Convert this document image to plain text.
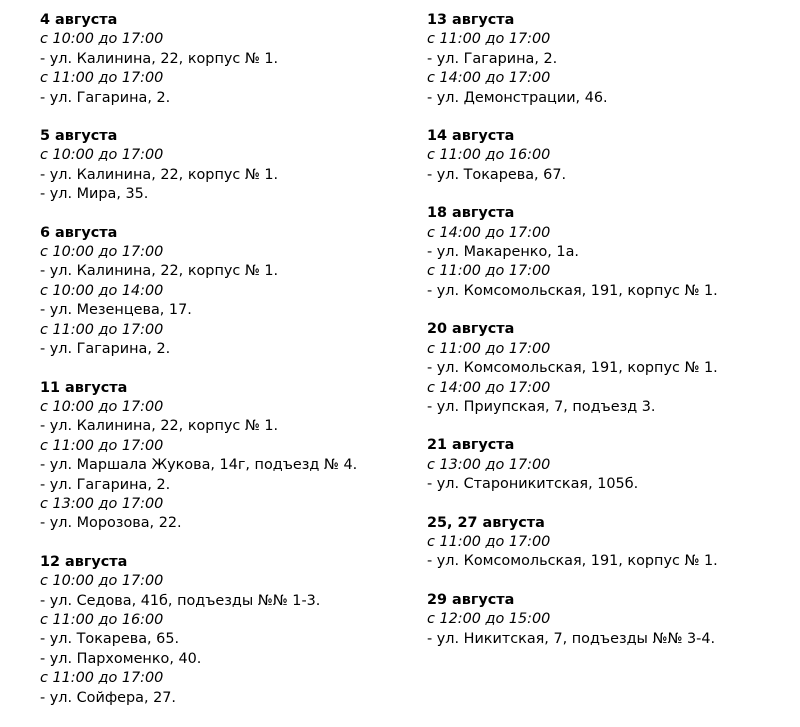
4 августа
с 10:00 до 17:00
- ул. Калинина, 22, корпус № 1.
с 11:00 до 17:00
- ул. Гагарина, 2.
5 августа
с 10:00 до 17:00
- ул. Калинина, 22, корпус № 1.
- ул. Мира, 35.
6 августа
с 10:00 до 17:00
- ул. Калинина, 22, корпус № 1.
с 10:00 до 14:00
- ул. Мезенцева, 17.
с 11:00 до 17:00
- ул. Гагарина, 2.
11 августа
с 10:00 до 17:00
- ул. Калинина, 22, корпус № 1.
с 11:00 до 17:00
- ул. Маршала Жукова, 14г, подъезд № 4.
- ул. Гагарина, 2.
с 13:00 до 17:00
- ул. Морозова, 22.
12 августа
с 10:00 до 17:00
- ул. Седова, 41б, подъезды №№ 1-3.
с 11:00 до 16:00
- ул. Токарева, 65.
- ул. Пархоменко, 40.
с 11:00 до 17:00
- ул. Сойфера, 27.
13 августа
с 11:00 до 17:00
- ул. Гагарина, 2.
с 14:00 до 17:00
- ул. Демонстрации, 46.
14 августа
с 11:00 до 16:00
- ул. Токарева, 67.
18 августа
с 14:00 до 17:00
- ул. Макаренко, 1а.
с 11:00 до 17:00
- ул. Комсомольская, 191, корпус № 1.
20 августа
с 11:00 до 17:00
- ул. Комсомольская, 191, корпус № 1.
с 14:00 до 17:00
- ул. Приупская, 7, подъезд 3.
21 августа
с 13:00 до 17:00
- ул. Староникитская, 105б.
25, 27 августа
с 11:00 до 17:00
- ул. Комсомольская, 191, корпус № 1.
29 августа
с 12:00 до 15:00
- ул. Никитская, 7, подъезды №№ 3-4.
